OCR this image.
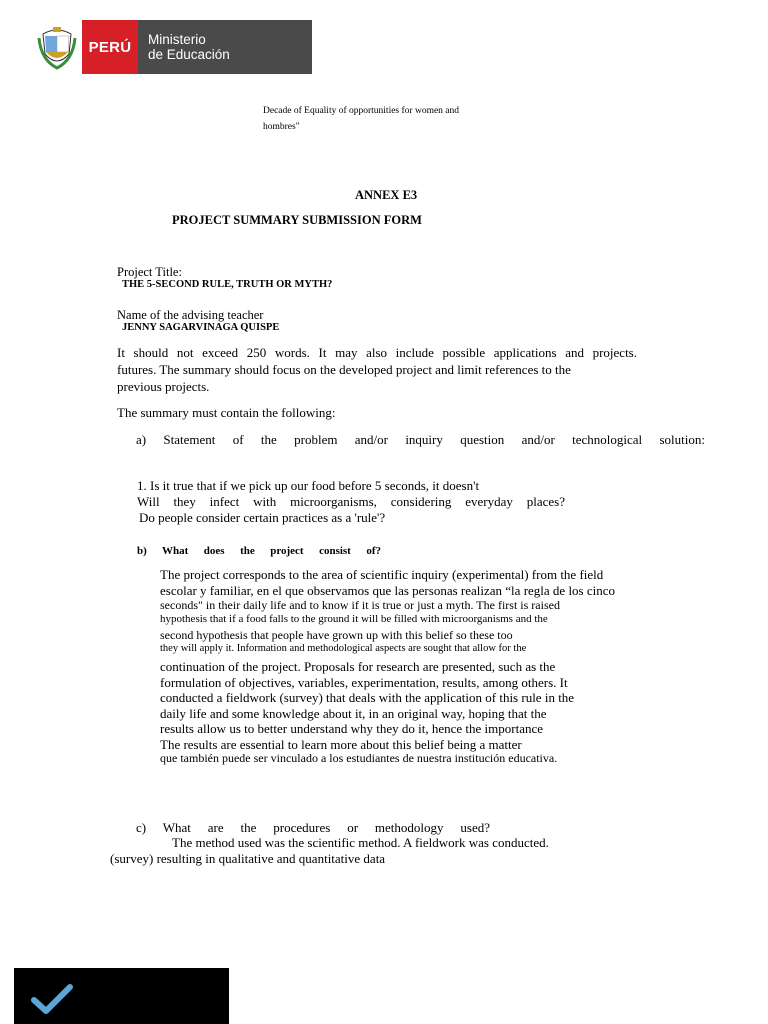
PERÚ	Ministerio
de Educación
Decade of Equality of opportunities for women and
hombres"
ANNEX E3
PROJECT SUMMARY SUBMISSION FORM
Project Title:
THE 5-SECOND RULE, TRUTH OR MYTH?
Name of the advising teacher
JENNY SAGARVINAGA QUISPE
It should not exceed 250 words. It may also include possible applications and projects.
futures. The summary should focus on the developed project and limit references to the
previous projects.
The summary must contain the following:
a) Statement of the problem and/or inquiry question and/or technological solution:
1. Is it true that if we pick up our food before 5 seconds, it doesn't
Will they infect with microorganisms, considering everyday places?
Do people consider certain practices as a 'rule'?
b) What does the project consist of?
The project corresponds to the area of scientific inquiry (experimental) from the field
escolar y familiar, en el que observamos que las personas realizan “la regla de los cinco
seconds" in their daily life and to know if it is true or just a myth. The first is raised
hypothesis that if a food falls to the ground it will be filled with microorganisms and the
second hypothesis that people have grown up with this belief so these too
they will apply it. Information and methodological aspects are sought that allow for the
continuation of the project. Proposals for research are presented, such as the
formulation of objectives, variables, experimentation, results, among others. It
conducted a fieldwork (survey) that deals with the application of this rule in the
daily life and some knowledge about it, in an original way, hoping that the
results allow us to better understand why they do it, hence the importance
The results are essential to learn more about this belief being a matter
que también puede ser vinculado a los estudiantes de nuestra institución educativa.
c) What are the procedures or methodology used?
The method used was the scientific method. A fieldwork was conducted.
(survey) resulting in qualitative and quantitative data
